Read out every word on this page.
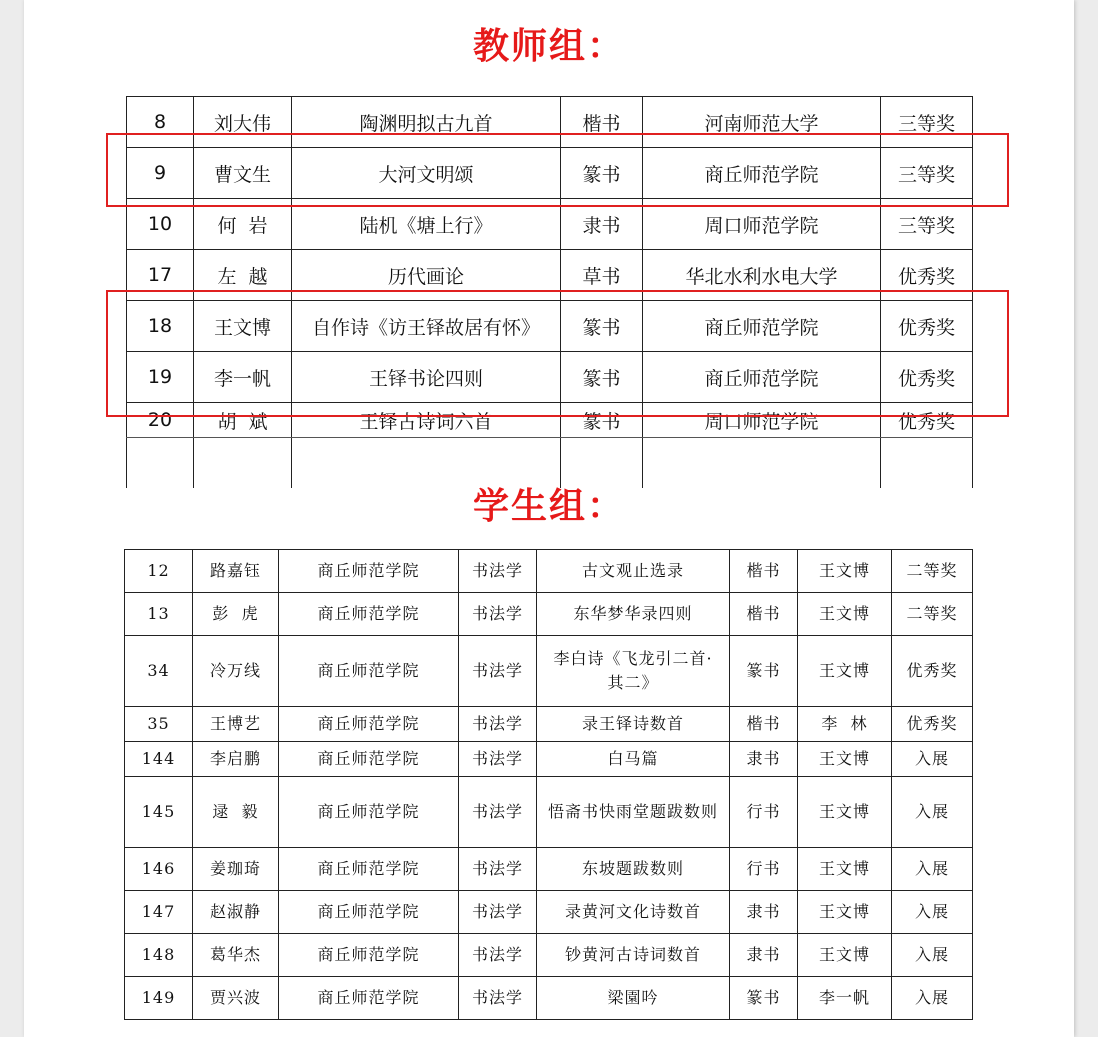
教师组：
8	刘大伟	陶渊明拟古九首	楷书	河南师范大学	三等奖
9	曹文生	大河文明颂	篆书	商丘师范学院	三等奖
10	何  岩	陆机《塘上行》	隶书	周口师范学院	三等奖
17	左  越	历代画论	草书	华北水利水电大学	优秀奖
18	王文博	自作诗《访王铎故居有怀》	篆书	商丘师范学院	优秀奖
19	李一帆	王铎书论四则	篆书	商丘师范学院	优秀奖
20	胡  斌	王铎古诗词六首	篆书	周口师范学院	优秀奖

学生组：
12	路嘉钰	商丘师范学院	书法学	古文观止选录	楷书	王文博	二等奖
13	彭  虎	商丘师范学院	书法学	东华梦华录四则	楷书	王文博	二等奖
34	冷万线	商丘师范学院	书法学	李白诗《飞龙引二首·其二》	篆书	王文博	优秀奖
35	王博艺	商丘师范学院	书法学	录王铎诗数首	楷书	李  林	优秀奖
144	李启鹏	商丘师范学院	书法学	白马篇	隶书	王文博	入展
145	逯  毅	商丘师范学院	书法学	悟斋书快雨堂题跋数则	行书	王文博	入展
146	姜珈琦	商丘师范学院	书法学	东坡题跋数则	行书	王文博	入展
147	赵淑静	商丘师范学院	书法学	录黄河文化诗数首	隶书	王文博	入展
148	葛华杰	商丘师范学院	书法学	钞黄河古诗词数首	隶书	王文博	入展
149	贾兴波	商丘师范学院	书法学	梁園吟	篆书	李一帆	入展
